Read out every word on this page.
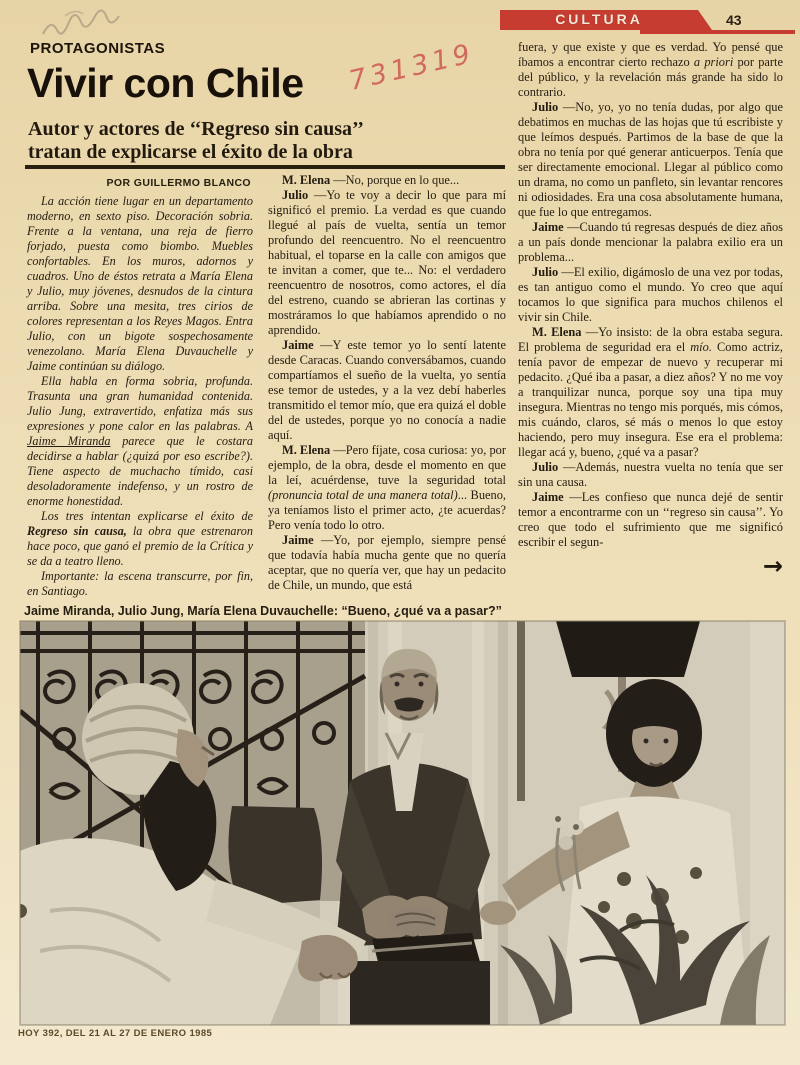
CULTURA	43
PROTAGONISTAS
Vivir con Chile
Autor y actores de ‘‘Regreso sin causa’’
tratan de explicarse el éxito de la obra
731319
POR GUILLERMO BLANCO

La acción tiene lugar en un departamento moderno, en sexto piso. Decoración sobria. Frente a la ventana, una reja de fierro forjado, puesta como biombo. Muebles confortables. En los muros, adornos y cuadros. Uno de éstos retrata a María Elena y Julio, muy jóvenes, desnudos de la cintura arriba. Sobre una mesita, tres cirios de colores representan a los Reyes Magos. Entra Julio, con un bigote sospechosamente venezolano. María Elena Duvauchelle y Jaime continúan su diálogo.

Ella habla en forma sobria, profunda. Trasunta una gran humanidad contenida. Julio Jung, extravertido, enfatiza más sus expresiones y pone calor en las palabras. A Jaime Miranda parece que le costara decidirse a hablar (¿quizá por eso escribe?). Tiene aspecto de muchacho tímido, casi desoladoramente indefenso, y un rostro de enorme honestidad.

Los tres intentan explicarse el éxito de Regreso sin causa, la obra que estrenaron hace poco, que ganó el premio de la Crítica y se da a teatro lleno.

Importante: la escena transcurre, por fin, en Santiago.

M. Elena —No, porque en lo que...

Julio —Yo te voy a decir lo que para mí significó el premio. La verdad es que cuando llegué al país de vuelta, sentía un temor profundo del reencuentro. No el reencuentro habitual, el toparse en la calle con amigos que te invitan a comer, que te... No: el verdadero reencuentro de nosotros, como actores, el día del estreno, cuando se abrieran las cortinas y mostráramos lo que habíamos aprendido o no aprendido.

Jaime —Y este temor yo lo sentí latente desde Caracas. Cuando conversábamos, cuando compartíamos el sueño de la vuelta, yo sentía ese temor de ustedes, y a la vez debí haberles transmitido el temor mío, que era quizá el doble del de ustedes, porque yo no conocía a nadie aquí.

M. Elena —Pero fíjate, cosa curiosa: yo, por ejemplo, de la obra, desde el momento en que la leí, acuérdense, tuve la seguridad total (pronuncia total de una manera total)... Bueno, ya teníamos listo el primer acto, ¿te acuerdas? Pero venía todo lo otro.

Jaime —Yo, por ejemplo, siempre pensé que todavía había mucha gente que no quería aceptar, que no quería ver, que hay un pedacito de Chile, un mundo, que está

fuera, y que existe y que es verdad. Yo pensé que íbamos a encontrar cierto rechazo a priori por parte del público, y la revelación más grande ha sido lo contrario.

Julio —No, yo, yo no tenía dudas, por algo que debatimos en muchas de las hojas que tú escribiste y que leímos después. Partimos de la base de que la obra no tenía por qué generar anticuerpos. Tenía que ser directamente emocional. Llegar al público como un drama, no como un panfleto, sin levantar rencores ni odiosidades. Era una cosa absolutamente humana, que fue lo que entregamos.

Jaime —Cuando tú regresas después de diez años a un país donde mencionar la palabra exilio era un problema...

Julio —El exilio, digámoslo de una vez por todas, es tan antiguo como el mundo. Yo creo que aquí tocamos lo que significa para muchos chilenos el vivir sin Chile.

M. Elena —Yo insisto: de la obra estaba segura. El problema de seguridad era el mío. Como actriz, tenía pavor de empezar de nuevo y recuperar mi pedacito. ¿Qué iba a pasar, a diez años? Y no me voy a tranquilizar nunca, porque soy una tipa muy insegura. Mientras no tengo mis porqués, mis cómos, mis cuándo, claros, sé más o menos lo que estoy haciendo, pero muy insegura. Ese era el problema: llegar acá y, bueno, ¿qué va a pasar?

Julio —Además, nuestra vuelta no tenía que ser sin una causa.

Jaime —Les confieso que nunca dejé de sentir temor a encontrarme con un ‘‘regreso sin causa’’. Yo creo que todo el sufrimiento que me significó escribir el segun-

→
Jaime Miranda, Julio Jung, María Elena Duvauchelle: “Bueno, ¿qué va a pasar?”
HOY 392, DEL 21 AL 27 DE ENERO 1985
